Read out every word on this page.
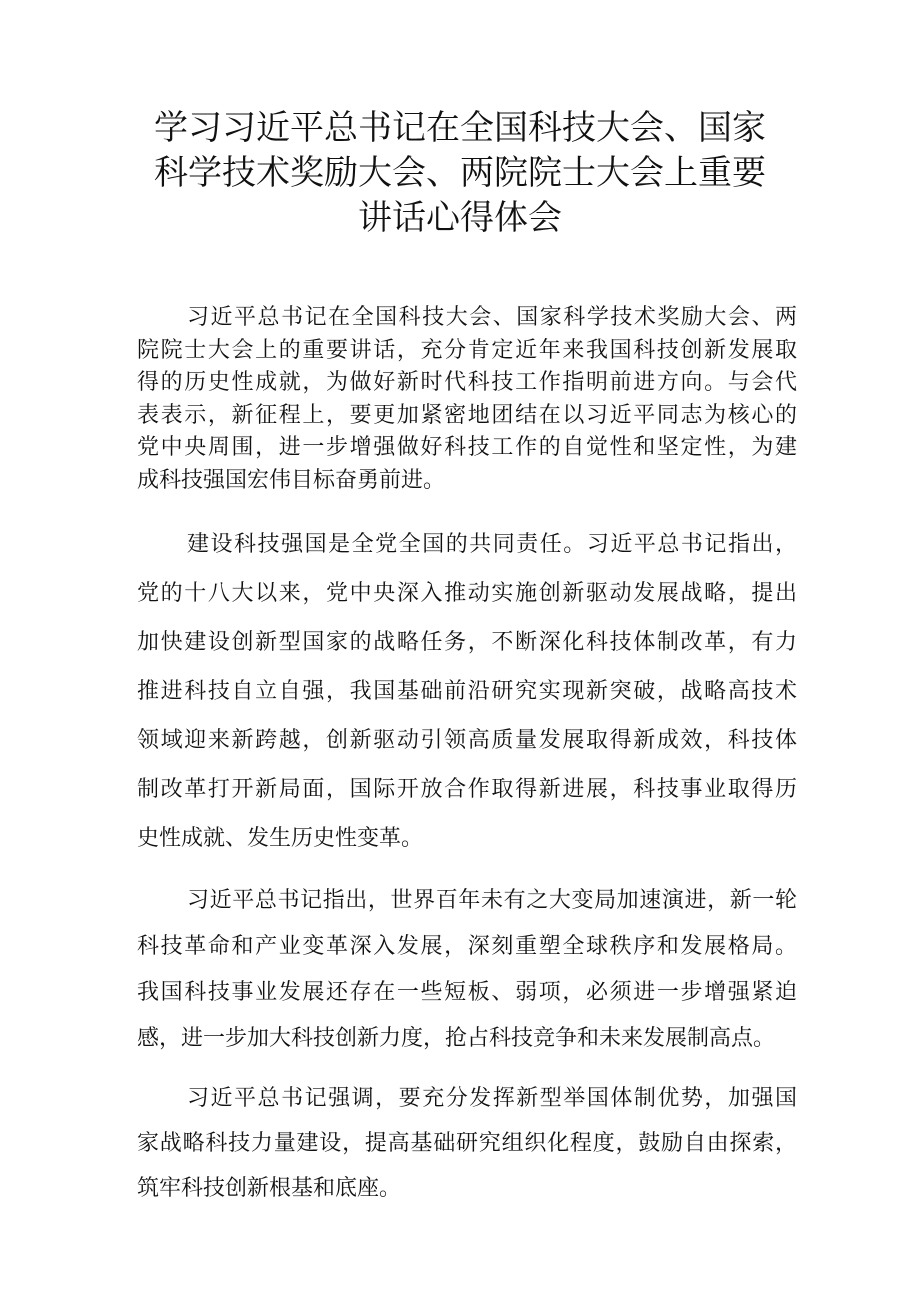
学习习近平总书记在全国科技大会、国家
科学技术奖励大会、两院院士大会上重要
讲话心得体会

习近平总书记在全国科技大会、国家科学技术奖励大会、两
院院士大会上的重要讲话，充分肯定近年来我国科技创新发展取
得的历史性成就，为做好新时代科技工作指明前进方向。与会代
表表示，新征程上，要更加紧密地团结在以习近平同志为核心的
党中央周围，进一步增强做好科技工作的自觉性和坚定性，为建
成科技强国宏伟目标奋勇前进。

建设科技强国是全党全国的共同责任。习近平总书记指出，
党的十八大以来，党中央深入推动实施创新驱动发展战略，提出
加快建设创新型国家的战略任务，不断深化科技体制改革，有力
推进科技自立自强，我国基础前沿研究实现新突破，战略高技术
领域迎来新跨越，创新驱动引领高质量发展取得新成效，科技体
制改革打开新局面，国际开放合作取得新进展，科技事业取得历
史性成就、发生历史性变革。

习近平总书记指出，世界百年未有之大变局加速演进，新一轮
科技革命和产业变革深入发展，深刻重塑全球秩序和发展格局。
我国科技事业发展还存在一些短板、弱项，必须进一步增强紧迫
感，进一步加大科技创新力度，抢占科技竞争和未来发展制高点。

习近平总书记强调，要充分发挥新型举国体制优势，加强国
家战略科技力量建设，提高基础研究组织化程度，鼓励自由探索，
筑牢科技创新根基和底座。
